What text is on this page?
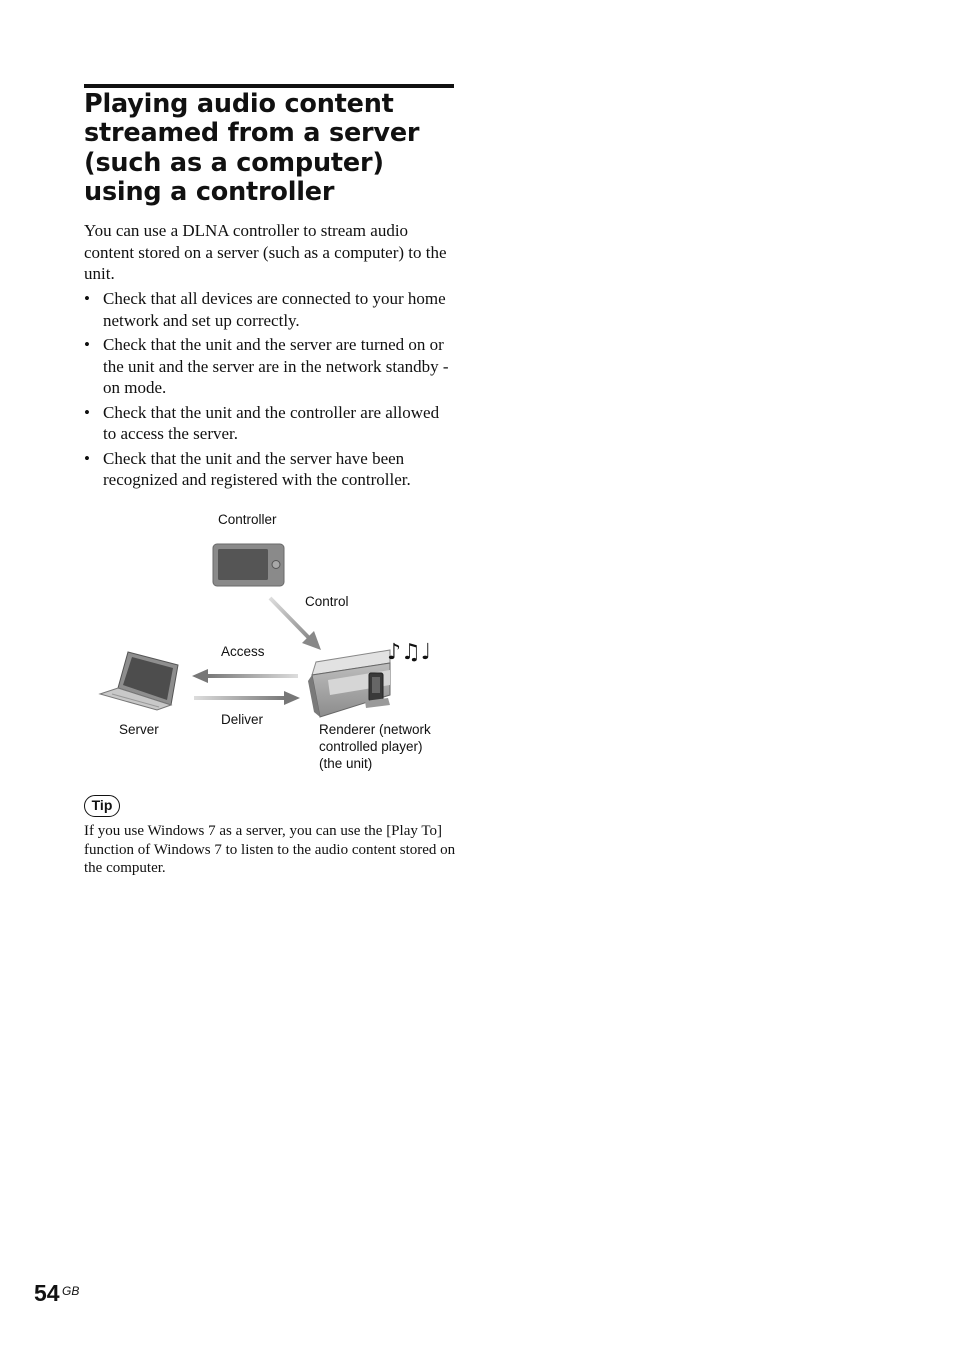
Playing audio content
streamed from a server
(such as a computer)
using a controller

You can use a DLNA controller to stream audio content stored on a server (such as a computer) to the unit.

• Check that all devices are connected to your home network and set up correctly.
• Check that the unit and the server are turned on or the unit and the server are in the network standby - on mode.
• Check that the unit and the controller are allowed to access the server.
• Check that the unit and the server have been recognized and registered with the controller.
Controller
Control
Access
Deliver
Server	Renderer (network
controlled player)
(the unit)
♪♫♩
Tip

If you use Windows 7 as a server, you can use the [Play To] function of Windows 7 to listen to the audio content stored on the computer.

54 GB
